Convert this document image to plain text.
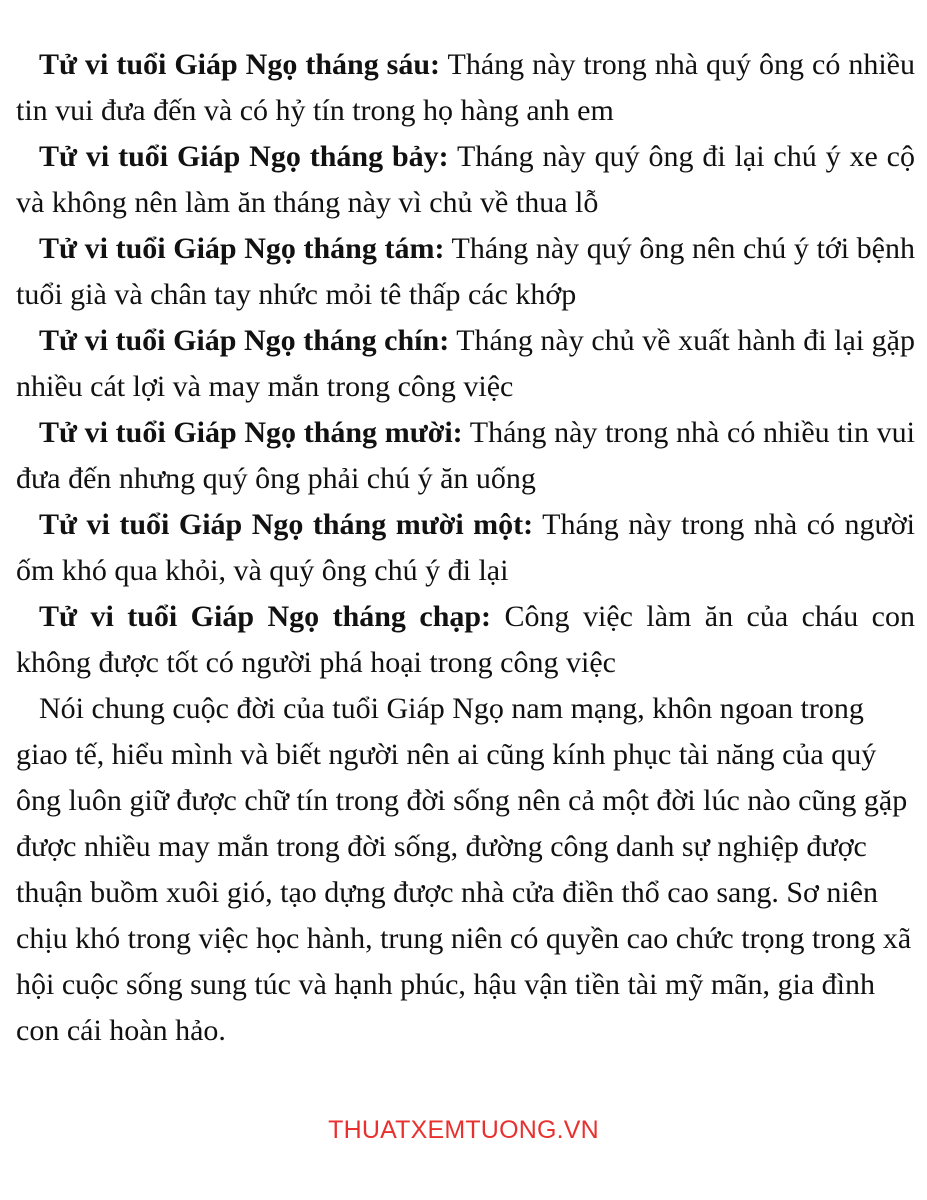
Tử vi tuổi Giáp Ngọ tháng sáu: Tháng này trong nhà quý ông có nhiều tin vui đưa đến và có hỷ tín trong họ hàng anh em

Tử vi tuổi Giáp Ngọ tháng bảy: Tháng này quý ông đi lại chú ý xe cộ và không nên làm ăn tháng này vì chủ về thua lỗ

Tử vi tuổi Giáp Ngọ tháng tám: Tháng này quý ông nên chú ý tới bệnh tuổi già và chân tay nhức mỏi tê thấp các khớp

Tử vi tuổi Giáp Ngọ tháng chín: Tháng này chủ về xuất hành đi lại gặp nhiều cát lợi và may mắn trong công việc

Tử vi tuổi Giáp Ngọ tháng mười: Tháng này trong nhà có nhiều tin vui đưa đến nhưng quý ông phải chú ý ăn uống

Tử vi tuổi Giáp Ngọ tháng mười một: Tháng này trong nhà có người ốm khó qua khỏi, và quý ông chú ý đi lại

Tử vi tuổi Giáp Ngọ tháng chạp: Công việc làm ăn của cháu con không được tốt có người phá hoại trong công việc

Nói chung cuộc đời của tuổi Giáp Ngọ nam mạng, khôn ngoan trong giao tế, hiểu mình và biết người nên ai cũng kính phục tài năng của quý ông luôn giữ được chữ tín trong đời sống nên cả một đời lúc nào cũng gặp được nhiều may mắn trong đời sống, đường công danh sự nghiệp được thuận buồm xuôi gió, tạo dựng được nhà cửa điền thổ cao sang. Sơ niên chịu khó trong việc học hành, trung niên có quyền cao chức trọng trong xã hội cuộc sống sung túc và hạnh phúc, hậu vận tiền tài mỹ mãn, gia đình con cái hoàn hảo.

THUATXEMTUONG.VN
